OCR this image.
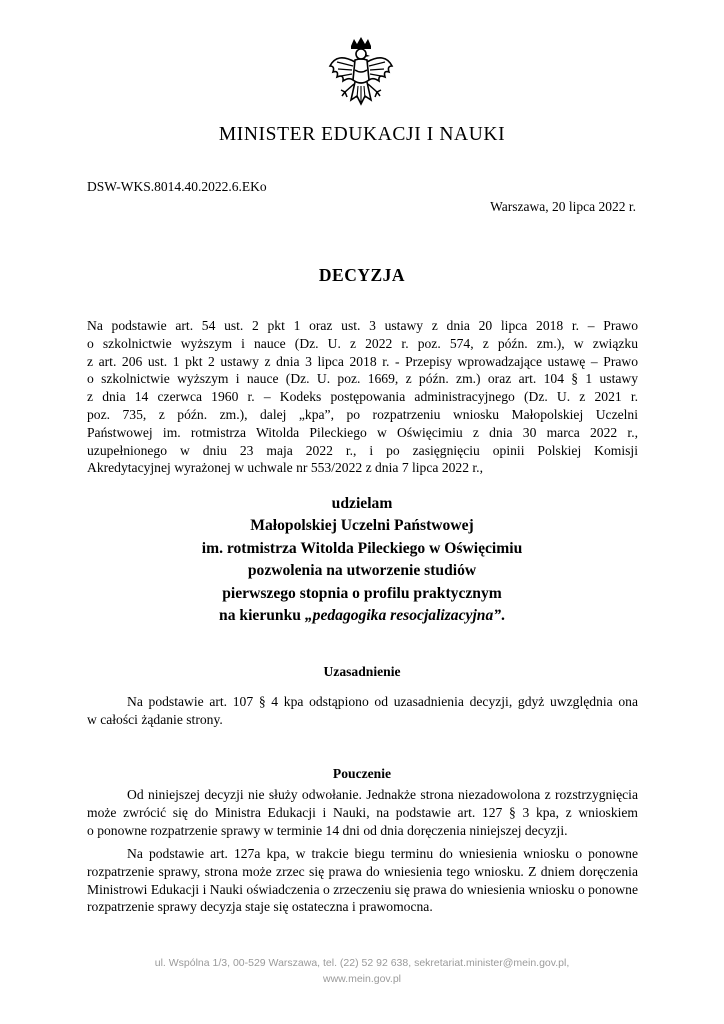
MINISTER EDUKACJI I NAUKI
DSW-WKS.8014.40.2022.6.EKo
Warszawa, 20 lipca 2022 r.
DECYZJA
Na podstawie art. 54 ust. 2 pkt 1 oraz ust. 3 ustawy z dnia 20 lipca 2018 r. – Prawo
o szkolnictwie wyższym i nauce (Dz. U. z 2022 r. poz. 574, z późn. zm.), w związku
z art. 206 ust. 1 pkt 2 ustawy z dnia 3 lipca 2018 r. - Przepisy wprowadzające ustawę – Prawo
o szkolnictwie wyższym i nauce (Dz. U. poz. 1669, z późn. zm.) oraz art. 104 § 1 ustawy
z dnia 14 czerwca 1960 r. – Kodeks postępowania administracyjnego (Dz. U. z 2021 r.
poz. 735, z późn. zm.), dalej „kpa”, po rozpatrzeniu wniosku Małopolskiej Uczelni
Państwowej im. rotmistrza Witolda Pileckiego w Oświęcimiu z dnia 30 marca 2022 r.,
uzupełnionego w dniu 23 maja 2022 r., i po zasięgnięciu opinii Polskiej Komisji
Akredytacyjnej wyrażonej w uchwale nr 553/2022 z dnia 7 lipca 2022 r.,
udzielam
Małopolskiej Uczelni Państwowej
im. rotmistrza Witolda Pileckiego w Oświęcimiu
pozwolenia na utworzenie studiów
pierwszego stopnia o profilu praktycznym
na kierunku „pedagogika resocjalizacyjna”.
Uzasadnienie
Na podstawie art. 107 § 4 kpa odstąpiono od uzasadnienia decyzji, gdyż uwzględnia ona
w całości żądanie strony.
Pouczenie
Od niniejszej decyzji nie służy odwołanie. Jednakże strona niezadowolona z rozstrzygnięcia
może zwrócić się do Ministra Edukacji i Nauki, na podstawie art. 127 § 3 kpa, z wnioskiem
o ponowne rozpatrzenie sprawy w terminie 14 dni od dnia doręczenia niniejszej decyzji.
Na podstawie art. 127a kpa, w trakcie biegu terminu do wniesienia wniosku o ponowne
rozpatrzenie sprawy, strona może zrzec się prawa do wniesienia tego wniosku. Z dniem doręczenia
Ministrowi Edukacji i Nauki oświadczenia o zrzeczeniu się prawa do wniesienia wniosku o ponowne
rozpatrzenie sprawy decyzja staje się ostateczna i prawomocna.
ul. Wspólna 1/3, 00-529 Warszawa, tel. (22) 52 92 638, sekretariat.minister@mein.gov.pl,
www.mein.gov.pl
